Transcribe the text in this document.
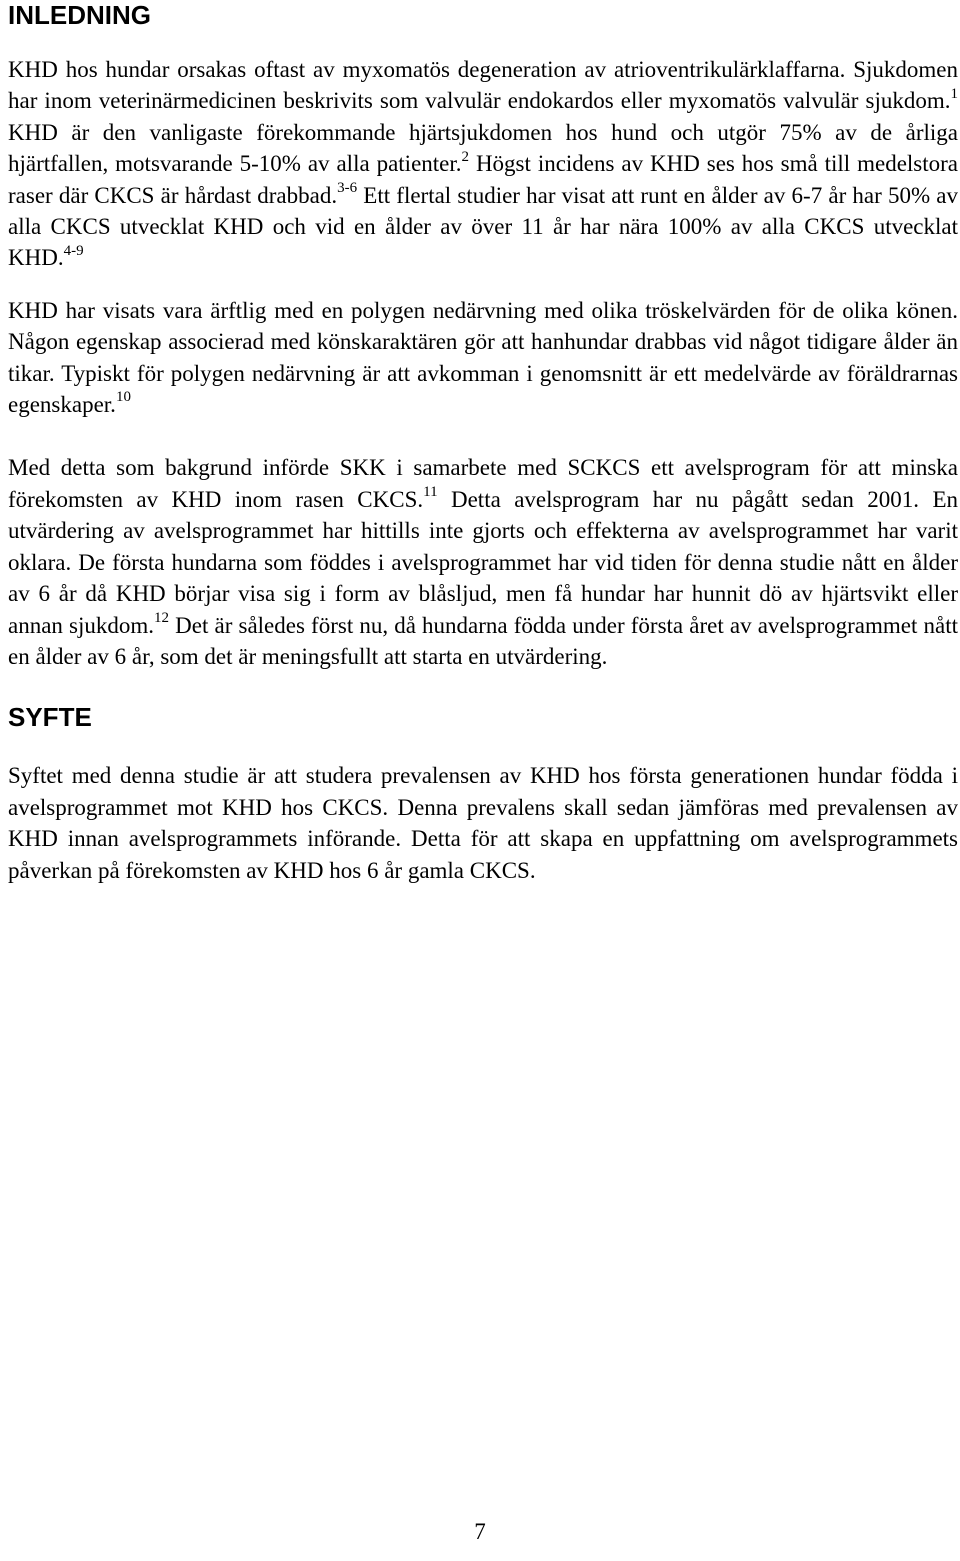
INLEDNING

KHD hos hundar orsakas oftast av myxomatös degeneration av atrioventrikulärklaffarna. Sjukdomen har inom veterinärmedicinen beskrivits som valvulär endokardos eller myxomatös valvulär sjukdom.$^1$ KHD är den vanligaste förekommande hjärtsjukdomen hos hund och utgör 75% av de årliga hjärtfallen, motsvarande 5-10% av alla patienter.$^2$ Högst incidens av KHD ses hos små till medelstora raser där CKCS är hårdast drabbad.$^{3-6}$ Ett flertal studier har visat att runt en ålder av 6-7 år har 50% av alla CKCS utvecklat KHD och vid en ålder av över 11 år har nära 100% av alla CKCS utvecklat KHD.$^{4-9}$

KHD har visats vara ärftlig med en polygen nedärvning med olika tröskelvärden för de olika könen. Någon egenskap associerad med könskaraktären gör att hanhundar drabbas vid något tidigare ålder än tikar. Typiskt för polygen nedärvning är att avkomman i genomsnitt är ett medelvärde av föräldrarnas egenskaper.$^{10}$

Med detta som bakgrund införde SKK i samarbete med SCKCS ett avelsprogram för att minska förekomsten av KHD inom rasen CKCS.$^{11}$ Detta avelsprogram har nu pågått sedan 2001. En utvärdering av avelsprogrammet har hittills inte gjorts och effekterna av avelsprogrammet har varit oklara. De första hundarna som föddes i avelsprogrammet har vid tiden för denna studie nått en ålder av 6 år då KHD börjar visa sig i form av blåsljud, men få hundar har hunnit dö av hjärtsvikt eller annan sjukdom.$^{12}$ Det är således först nu, då hundarna födda under första året av avelsprogrammet nått en ålder av 6 år, som det är meningsfullt att starta en utvärdering.

SYFTE

Syftet med denna studie är att studera prevalensen av KHD hos första generationen hundar födda i avelsprogrammet mot KHD hos CKCS. Denna prevalens skall sedan jämföras med prevalensen av KHD innan avelsprogrammets införande. Detta för att skapa en uppfattning om avelsprogrammets påverkan på förekomsten av KHD hos 6 år gamla CKCS.

7
